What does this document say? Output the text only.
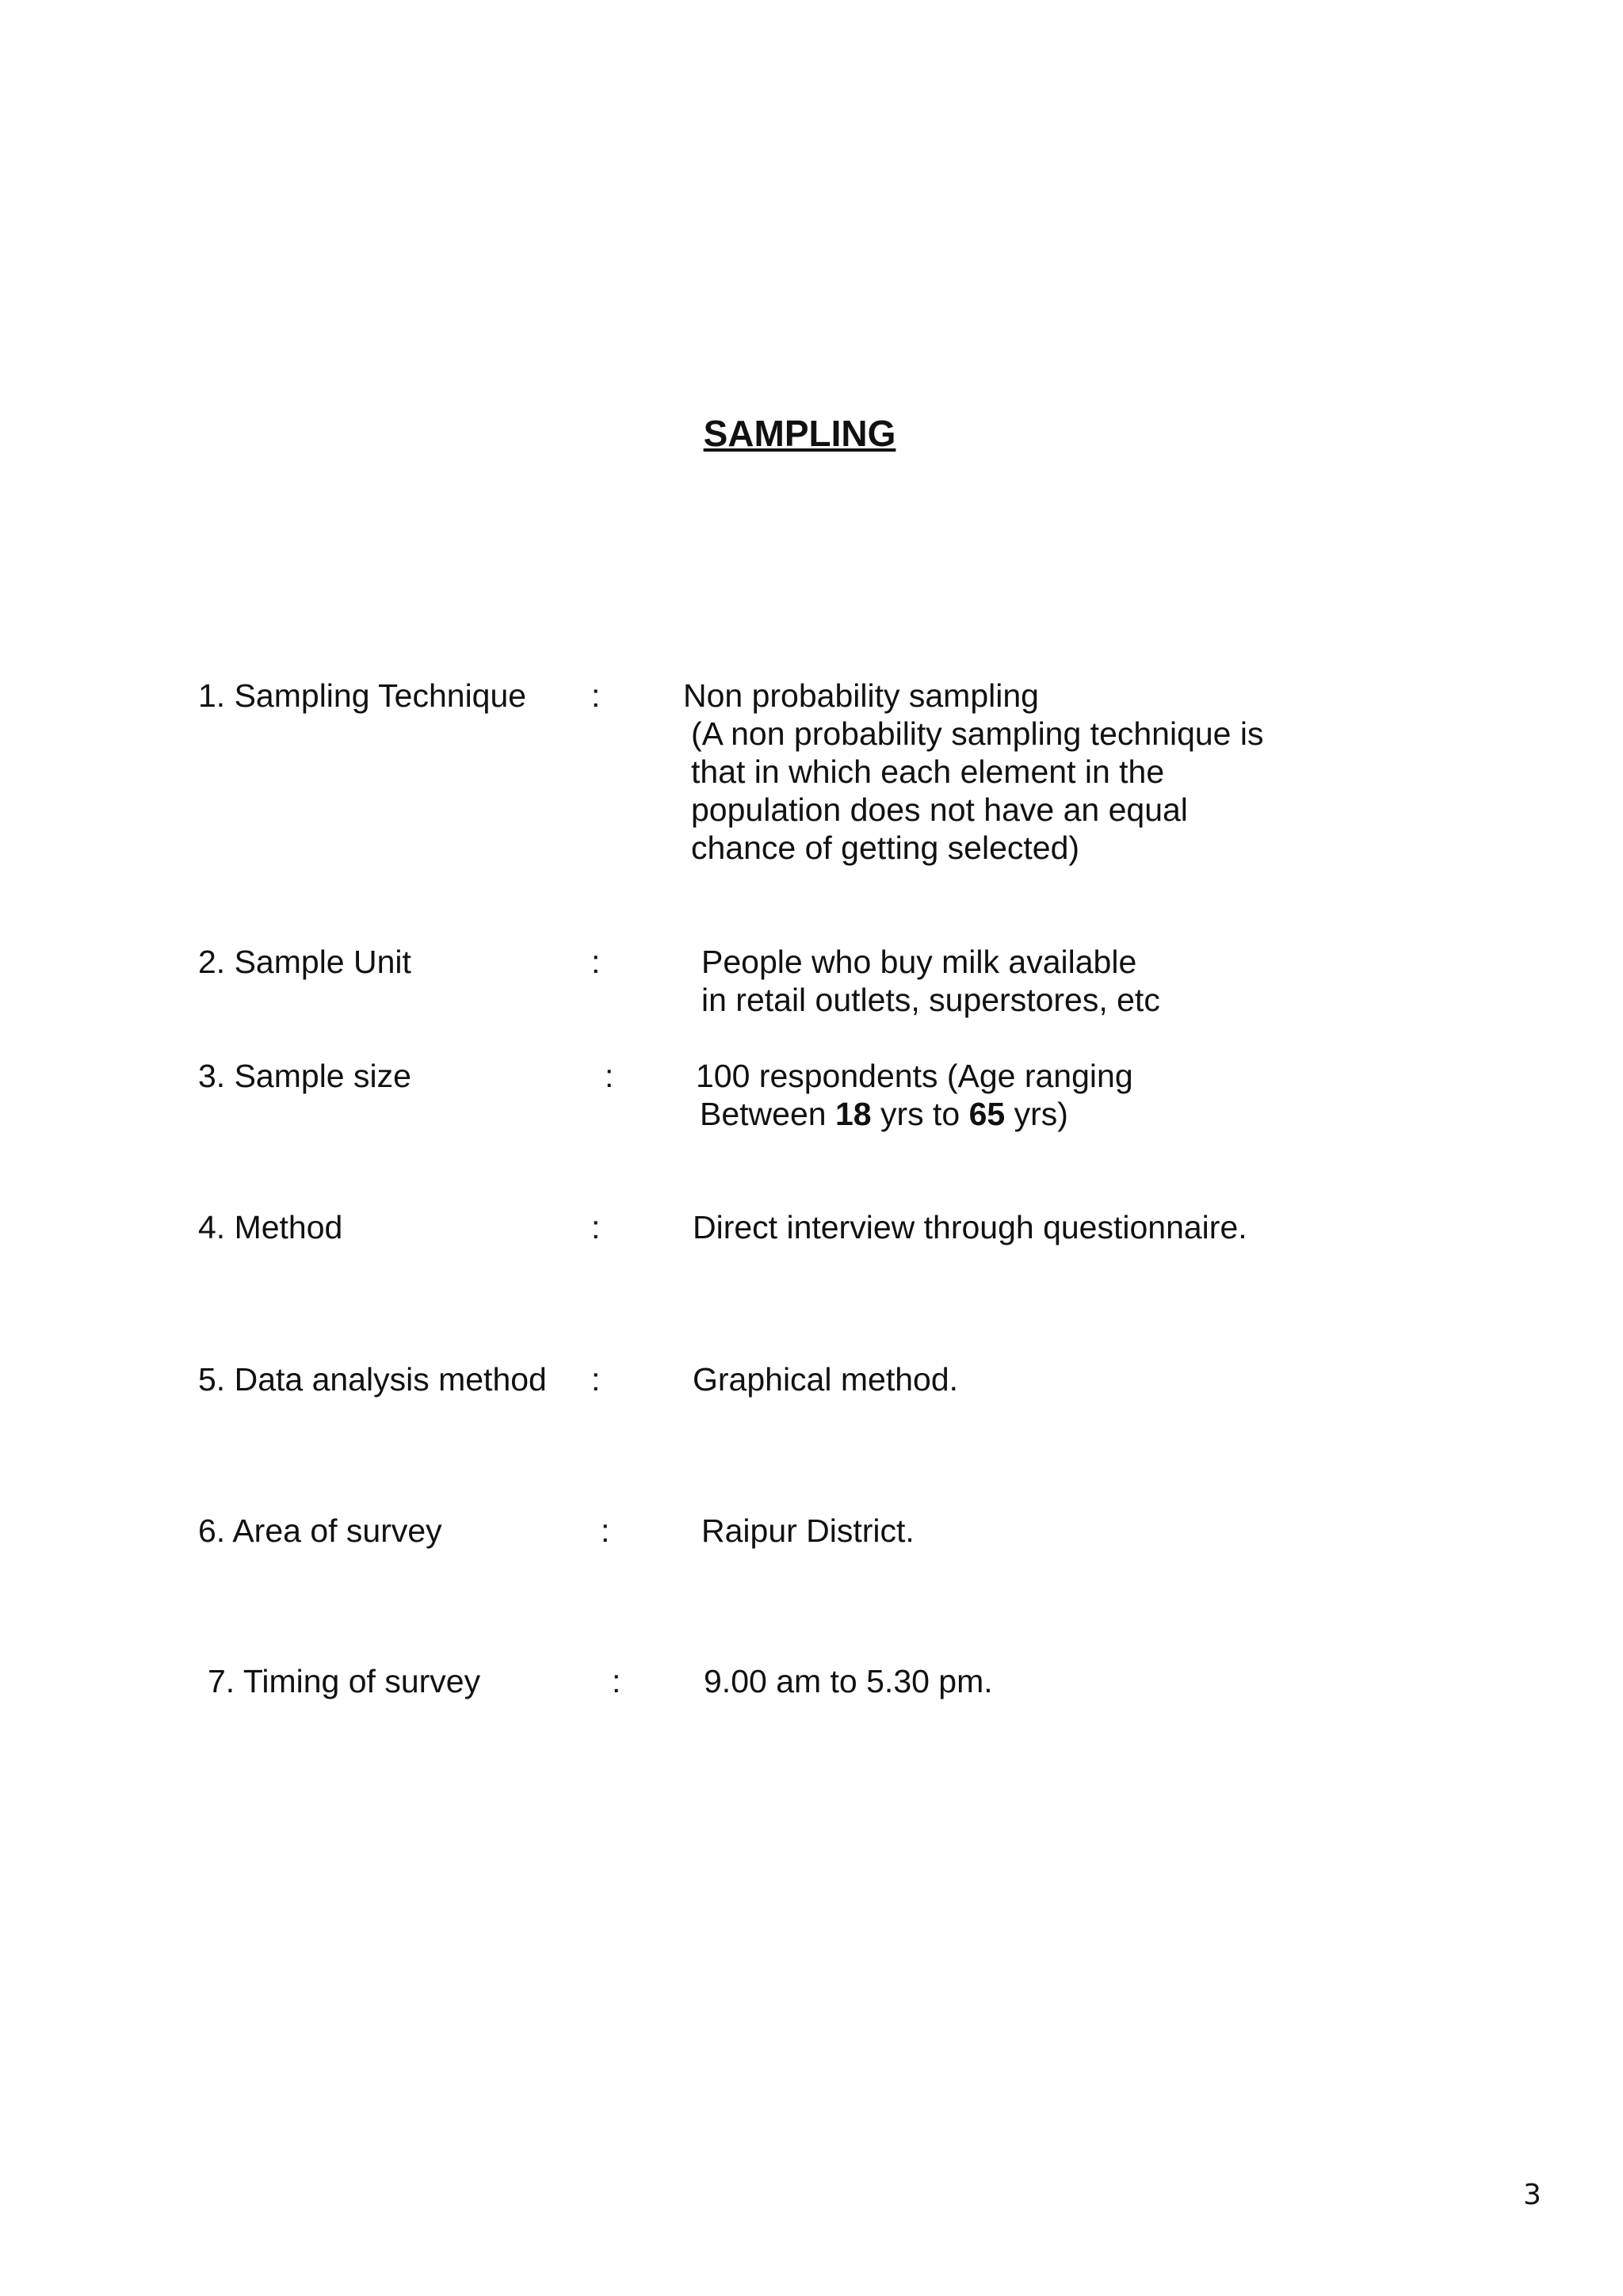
SAMPLING
1. Sampling Technique :	Non probability sampling
(A non probability sampling technique is
that in which each element in the
population does not have an equal
chance of getting selected)
2. Sample Unit	:	People who buy milk available
in retail outlets, superstores, etc
3. Sample size	:	100 respondents (Age ranging
Between 18 yrs to 65 yrs)
4. Method	:	Direct interview through questionnaire.
5. Data analysis method :	Graphical method.
6. Area of survey	:	Raipur District.
7. Timing of survey	:	9.00 am to 5.30 pm.
3
